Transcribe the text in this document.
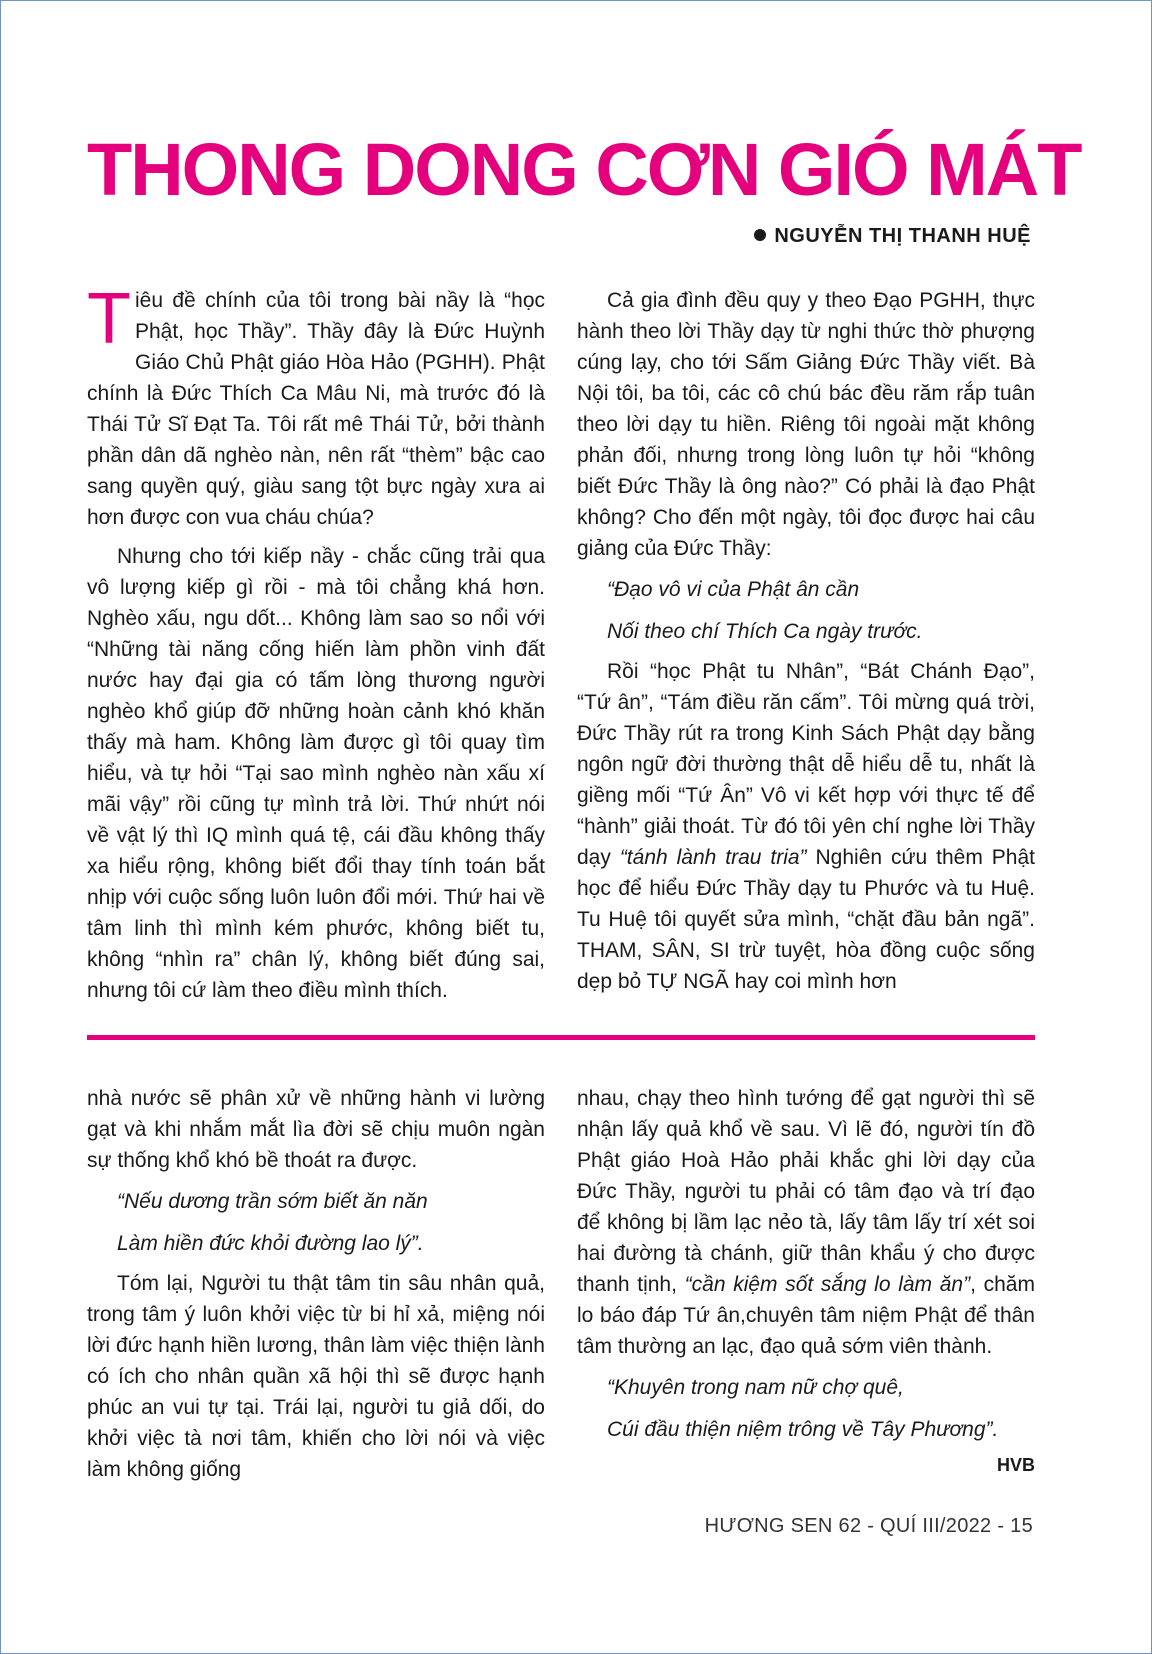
THONG DONG CƠN GIÓ MÁT
NGUYỄN THỊ THANH HUỆ

Tiêu đề chính của tôi trong bài nầy là “học Phật, học Thầy”. Thầy đây là Đức Huỳnh Giáo Chủ Phật giáo Hòa Hảo (PGHH). Phật chính là Đức Thích Ca Mâu Ni, mà trước đó là Thái Tử Sĩ Đạt Ta. Tôi rất mê Thái Tử, bởi thành phần dân dã nghèo nàn, nên rất “thèm” bậc cao sang quyền quý, giàu sang tột bực ngày xưa ai hơn được con vua cháu chúa?

Nhưng cho tới kiếp nầy - chắc cũng trải qua vô lượng kiếp gì rồi - mà tôi chẳng khá hơn. Nghèo xấu, ngu dốt... Không làm sao so nổi với “Những tài năng cống hiến làm phồn vinh đất nước hay đại gia có tấm lòng thương người nghèo khổ giúp đỡ những hoàn cảnh khó khăn thấy mà ham. Không làm được gì tôi quay tìm hiểu, và tự hỏi “Tại sao mình nghèo nàn xấu xí mãi vậy” rồi cũng tự mình trả lời. Thứ nhứt nói về vật lý thì IQ mình quá tệ, cái đầu không thấy xa hiểu rộng, không biết đổi thay tính toán bắt nhịp với cuộc sống luôn luôn đổi mới. Thứ hai về tâm linh thì mình kém phước, không biết tu, không “nhìn ra” chân lý, không biết đúng sai, nhưng tôi cứ làm theo điều mình thích.

Cả gia đình đều quy y theo Đạo PGHH, thực hành theo lời Thầy dạy từ nghi thức thờ phượng cúng lạy, cho tới Sấm Giảng Đức Thầy viết. Bà Nội tôi, ba tôi, các cô chú bác đều răm rắp tuân theo lời dạy tu hiền. Riêng tôi ngoài mặt không phản đối, nhưng trong lòng luôn tự hỏi “không biết Đức Thầy là ông nào?” Có phải là đạo Phật không? Cho đến một ngày, tôi đọc được hai câu giảng của Đức Thầy:

“Đạo vô vi của Phật ân cần

Nối theo chí Thích Ca ngày trước.

Rồi “học Phật tu Nhân”, “Bát Chánh Đạo”, “Tứ ân”, “Tám điều răn cấm”. Tôi mừng quá trời, Đức Thầy rút ra trong Kinh Sách Phật dạy bằng ngôn ngữ đời thường thật dễ hiểu dễ tu, nhất là giềng mối “Tứ Ân” Vô vi kết hợp với thực tế để “hành” giải thoát. Từ đó tôi yên chí nghe lời Thầy dạy “tánh lành trau tria” Nghiên cứu thêm Phật học để hiểu Đức Thầy dạy tu Phước và tu Huệ. Tu Huệ tôi quyết sửa mình, “chặt đầu bản ngã”. THAM, SÂN, SI trừ tuyệt, hòa đồng cuộc sống dẹp bỏ TỰ NGÃ hay coi mình hơn

nhà nước sẽ phân xử về những hành vi lường gạt và khi nhắm mắt lìa đời sẽ chịu muôn ngàn sự thống khổ khó bề thoát ra được.

“Nếu dương trần sớm biết ăn năn

Làm hiền đức khỏi đường lao lý”.

Tóm lại, Người tu thật tâm tin sâu nhân quả, trong tâm ý luôn khởi việc từ bi hỉ xả, miệng nói lời đức hạnh hiền lương, thân làm việc thiện lành có ích cho nhân quần xã hội thì sẽ được hạnh phúc an vui tự tại. Trái lại, người tu giả dối, do khởi việc tà nơi tâm, khiến cho lời nói và việc làm không giống

nhau, chạy theo hình tướng để gạt người thì sẽ nhận lấy quả khổ về sau. Vì lẽ đó, người tín đồ Phật giáo Hoà Hảo phải khắc ghi lời dạy của Đức Thầy, người tu phải có tâm đạo và trí đạo để không bị lầm lạc nẻo tà, lấy tâm lấy trí xét soi hai đường tà chánh, giữ thân khẩu ý cho được thanh tịnh, “cần kiệm sốt sắng lo làm ăn”, chăm lo báo đáp Tứ ân,chuyên tâm niệm Phật để thân tâm thường an lạc, đạo quả sớm viên thành.

“Khuyên trong nam nữ chợ quê,

Cúi đầu thiện niệm trông về Tây Phương”.

HVB
HƯƠNG SEN 62 - QUÍ III/2022 - 15
